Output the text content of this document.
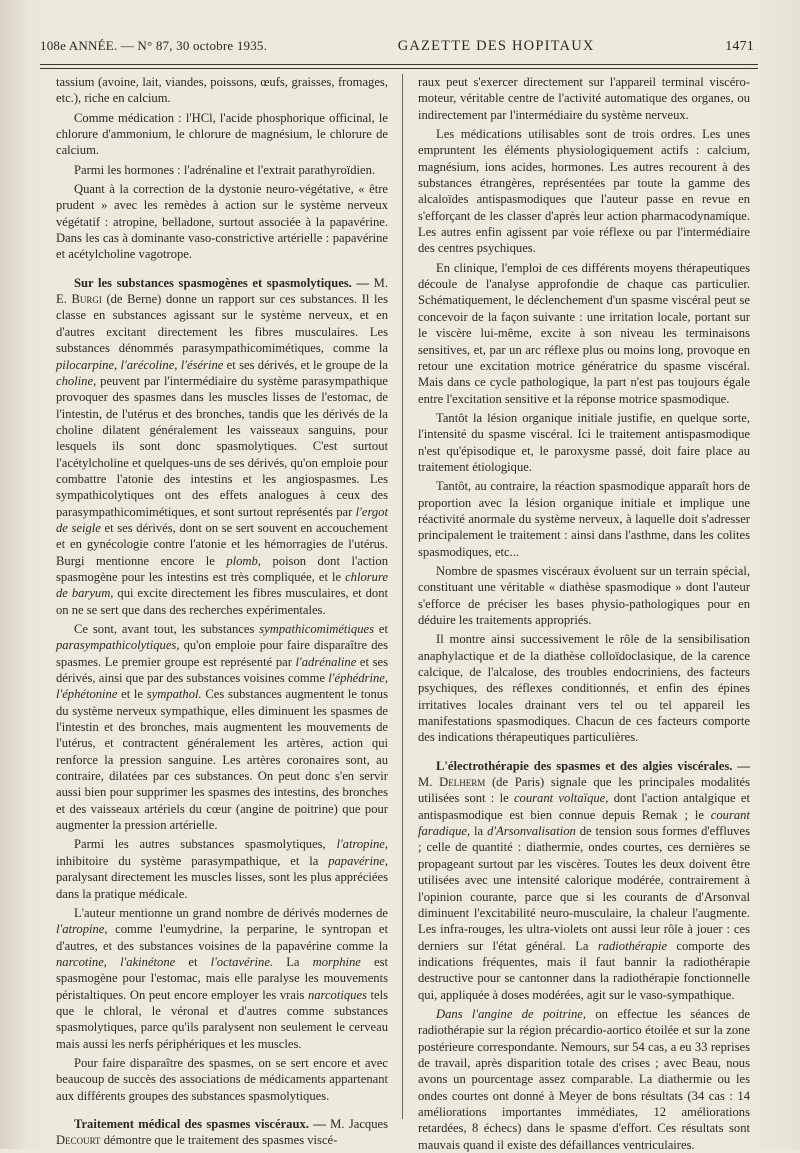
108e ANNÉE. — N° 87, 30 octobre 1935.	GAZETTE DES HOPITAUX	1471

tassium (avoine, lait, viandes, poissons, œufs, graisses, fromages, etc.), riche en calcium.

Comme médication : l'HCl, l'acide phosphorique officinal, le chlorure d'ammonium, le chlorure de magnésium, le chlorure de calcium.

Parmi les hormones : l'adrénaline et l'extrait parathyroïdien.

Quant à la correction de la dystonie neuro-végétative, « être prudent » avec les remèdes à action sur le système nerveux végétatif : atropine, belladone, surtout associée à la papavérine. Dans les cas à dominante vaso-constrictive artérielle : papavérine et acétylcholine vagotrope.

Sur les substances spasmogènes et spasmolytiques. — M. E. Burgi (de Berne) donne un rapport sur ces substances. Il les classe en substances agissant sur le système nerveux, et en d'autres excitant directement les fibres musculaires. Les substances dénommés parasympathicomimétiques, comme la pilocarpine, l'arécoline, l'ésérine et ses dérivés, et le groupe de la choline, peuvent par l'intermédiaire du système parasympathique provoquer des spasmes dans les muscles lisses de l'estomac, de l'intestin, de l'utérus et des bronches, tandis que les dérivés de la choline dilatent généralement les vaisseaux sanguins, pour lesquels ils sont donc spasmolytiques. C'est surtout l'acétylcholine et quelques-uns de ses dérivés, qu'on emploie pour combattre l'atonie des intestins et les angiospasmes. Les sympathicolytiques ont des effets analogues à ceux des parasympathicomimétiques, et sont surtout représentés par l'ergot de seigle et ses dérivés, dont on se sert souvent en accouchement et en gynécologie contre l'atonie et les hémorragies de l'utérus. Burgi mentionne encore le plomb, poison dont l'action spasmogène pour les intestins est très compliquée, et le chlorure de baryum, qui excite directement les fibres musculaires, et dont on ne se sert que dans des recherches expérimentales.

Ce sont, avant tout, les substances sympathicomimétiques et parasympathicolytiques, qu'on emploie pour faire disparaître des spasmes. Le premier groupe est représenté par l'adrénaline et ses dérivés, ainsi que par des substances voisines comme l'éphédrine, l'éphétonine et le sympathol. Ces substances augmentent le tonus du système nerveux sympathique, elles diminuent les spasmes de l'intestin et des bronches, mais augmentent les mouvements de l'utérus, et contractent généralement les artères, action qui renforce la pression sanguine. Les artères coronaires sont, au contraire, dilatées par ces substances. On peut donc s'en servir aussi bien pour supprimer les spasmes des intestins, des bronches et des vaisseaux artériels du cœur (angine de poitrine) que pour augmenter la pression artérielle.

Parmi les autres substances spasmolytiques, l'atropine, inhibitoire du système parasympathique, et la papavérine, paralysant directement les muscles lisses, sont les plus appréciées dans la pratique médicale.

L'auteur mentionne un grand nombre de dérivés modernes de l'atropine, comme l'eumydrine, la perparine, le syntropan et d'autres, et des substances voisines de la papavérine comme la narcotine, l'akinétone et l'octavérine. La morphine est spasmogène pour l'estomac, mais elle paralyse les mouvements péristaltiques. On peut encore employer les vrais narcotiques tels que le chloral, le véronal et d'autres comme substances spasmolytiques, parce qu'ils paralysent non seulement le cerveau mais aussi les nerfs périphériques et les muscles.

Pour faire disparaître des spasmes, on se sert encore et avec beaucoup de succès des associations de médicaments appartenant aux différents groupes des substances spasmolytiques.

Traitement médical des spasmes viscéraux. — M. Jacques Decourt démontre que le traitement des spasmes viscé-

raux peut s'exercer directement sur l'appareil terminal viscéro-moteur, véritable centre de l'activité automatique des organes, ou indirectement par l'intermédiaire du système nerveux.

Les médications utilisables sont de trois ordres. Les unes empruntent les éléments physiologiquement actifs : calcium, magnésium, ions acides, hormones. Les autres recourent à des substances étrangères, représentées par toute la gamme des alcaloïdes antispasmodiques que l'auteur passe en revue en s'efforçant de les classer d'après leur action pharmacodynamique. Les autres enfin agissent par voie réflexe ou par l'intermédiaire des centres psychiques.

En clinique, l'emploi de ces différents moyens thérapeutiques découle de l'analyse approfondie de chaque cas particulier. Schématiquement, le déclenchement d'un spasme viscéral peut se concevoir de la façon suivante : une irritation locale, portant sur le viscère lui-même, excite à son niveau les terminaisons sensitives, et, par un arc réflexe plus ou moins long, provoque en retour une excitation motrice génératrice du spasme viscéral. Mais dans ce cycle pathologique, la part n'est pas toujours égale entre l'excitation sensitive et la réponse motrice spasmodique.

Tantôt la lésion organique initiale justifie, en quelque sorte, l'intensité du spasme viscéral. Ici le traitement antispasmodique n'est qu'épisodique et, le paroxysme passé, doit faire place au traitement étiologique.

Tantôt, au contraire, la réaction spasmodique apparaît hors de proportion avec la lésion organique initiale et implique une réactivité anormale du système nerveux, à laquelle doit s'adresser principalement le traitement : ainsi dans l'asthme, dans les colites spasmodiques, etc...

Nombre de spasmes viscéraux évoluent sur un terrain spécial, constituant une véritable « diathèse spasmodique » dont l'auteur s'efforce de préciser les bases physio-pathologiques pour en déduire les traitements appropriés.

Il montre ainsi successivement le rôle de la sensibilisation anaphylactique et de la diathèse colloïdoclasique, de la carence calcique, de l'alcalose, des troubles endocriniens, des facteurs psychiques, des réflexes conditionnés, et enfin des épines irritatives locales drainant vers tel ou tel appareil les manifestations spasmodiques. Chacun de ces facteurs comporte des indications thérapeutiques particulières.

L'électrothérapie des spasmes et des algies viscérales. — M. Delherm (de Paris) signale que les principales modalités utilisées sont : le courant voltaïque, dont l'action antalgique et antispasmodique est bien connue depuis Remak ; le courant faradique, la d'Arsonvalisation de tension sous formes d'effluves ; celle de quantité : diathermie, ondes courtes, ces dernières se propageant surtout par les viscères. Toutes les deux doivent être utilisées avec une intensité calorique modérée, contrairement à l'opinion courante, parce que si les courants de d'Arsonval diminuent l'excitabilité neuro-musculaire, la chaleur l'augmente. Les infra-rouges, les ultra-violets ont aussi leur rôle à jouer : ces derniers sur l'état général. La radiothérapie comporte des indications fréquentes, mais il faut bannir la radiothérapie destructive pour se cantonner dans la radiothérapie fonctionnelle qui, appliquée à doses modérées, agit sur le vaso-sympathique.

Dans l'angine de poitrine, on effectue les séances de radiothérapie sur la région précardio-aortico étoilée et sur la zone postérieure correspondante. Nemours, sur 54 cas, a eu 33 reprises de travail, après disparition totale des crises ; avec Beau, nous avons un pourcentage assez comparable. La diathermie ou les ondes courtes ont donné à Meyer de bons résultats (34 cas : 14 améliorations importantes immédiates, 12 améliorations retardées, 8 échecs) dans le spasme d'effort. Ces résultats sont mauvais quand il existe des défaillances ventriculaires.
